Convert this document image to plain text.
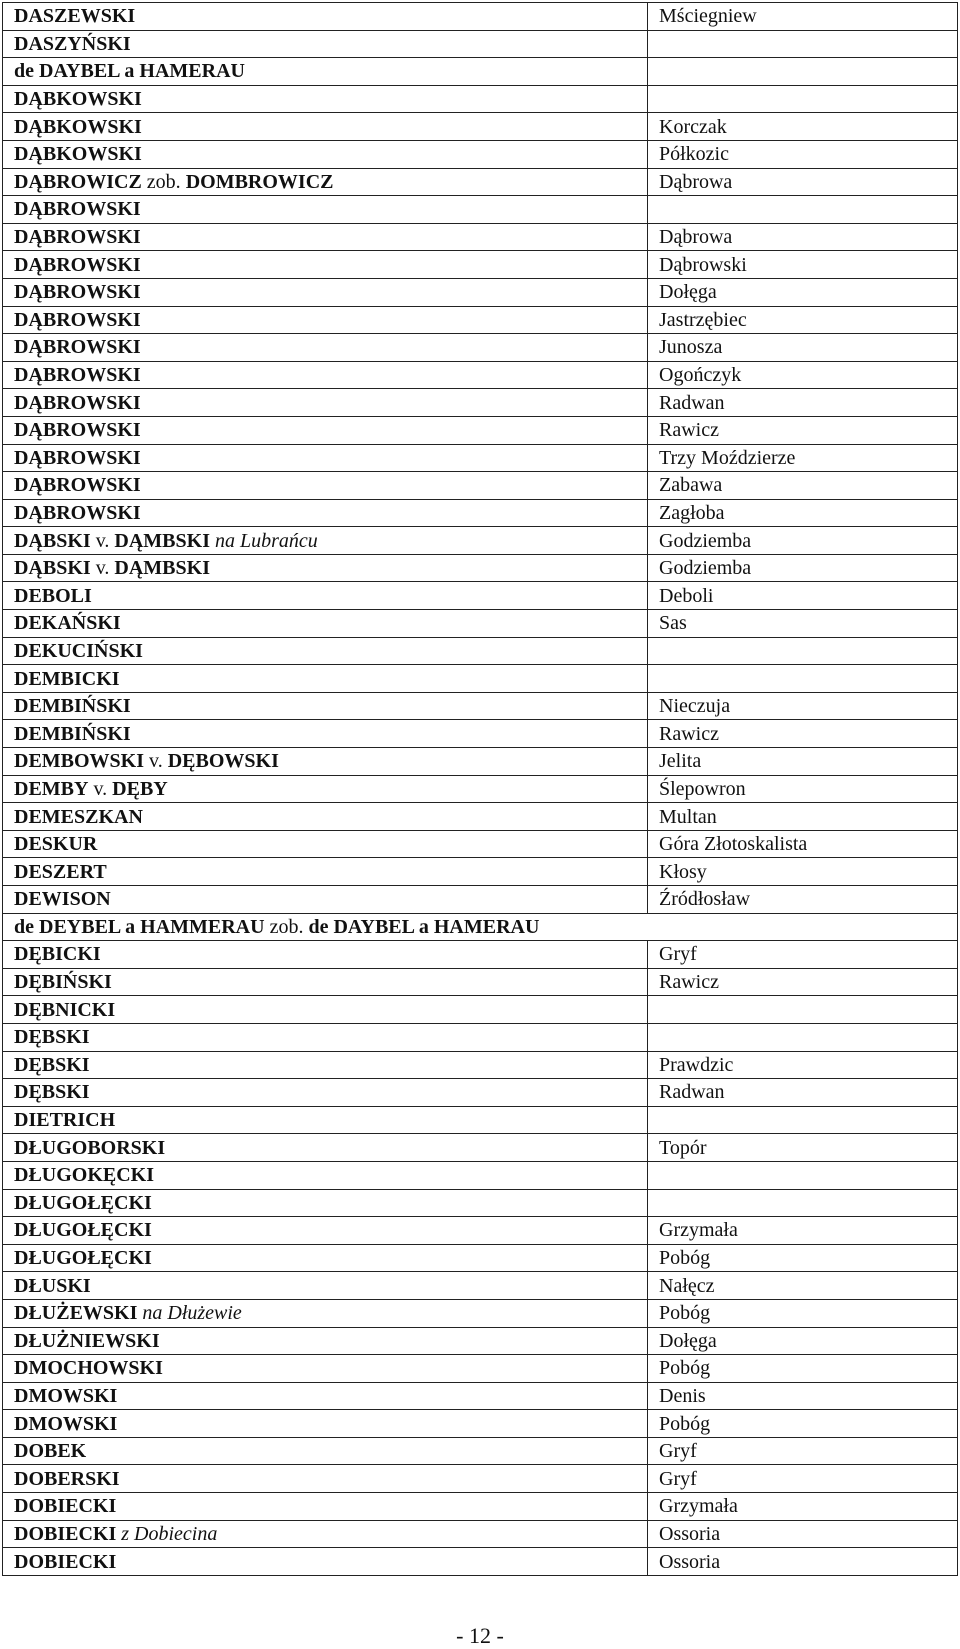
DASZEWSKI	Mściegniew
DASZYŃSKI	
de DAYBEL a HAMERAU	
DĄBKOWSKI	
DĄBKOWSKI	Korczak
DĄBKOWSKI	Półkozic
DĄBROWICZ zob. DOMBROWICZ	Dąbrowa
DĄBROWSKI	
DĄBROWSKI	Dąbrowa
DĄBROWSKI	Dąbrowski
DĄBROWSKI	Dołęga
DĄBROWSKI	Jastrzębiec
DĄBROWSKI	Junosza
DĄBROWSKI	Ogończyk
DĄBROWSKI	Radwan
DĄBROWSKI	Rawicz
DĄBROWSKI	Trzy Moździerze
DĄBROWSKI	Zabawa
DĄBROWSKI	Zagłoba
DĄBSKI v. DĄMBSKI na Lubrańcu	Godziemba
DĄBSKI v. DĄMBSKI	Godziemba
DEBOLI	Deboli
DEKAŃSKI	Sas
DEKUCIŃSKI	
DEMBICKI	
DEMBIŃSKI	Nieczuja
DEMBIŃSKI	Rawicz
DEMBOWSKI v. DĘBOWSKI	Jelita
DEMBY v. DĘBY	Ślepowron
DEMESZKAN	Multan
DESKUR	Góra Złotoskalista
DESZERT	Kłosy
DEWISON	Źródłosław
de DEYBEL a HAMMERAU zob. de DAYBEL a HAMERAU	
DĘBICKI	Gryf
DĘBIŃSKI	Rawicz
DĘBNICKI	
DĘBSKI	
DĘBSKI	Prawdzic
DĘBSKI	Radwan
DIETRICH	
DŁUGOBORSKI	Topór
DŁUGOKĘCKI	
DŁUGOŁĘCKI	
DŁUGOŁĘCKI	Grzymała
DŁUGOŁĘCKI	Pobóg
DŁUSKI	Nałęcz
DŁUŻEWSKI na Dłużewie	Pobóg
DŁUŻNIEWSKI	Dołęga
DMOCHOWSKI	Pobóg
DMOWSKI	Denis
DMOWSKI	Pobóg
DOBEK	Gryf
DOBERSKI	Gryf
DOBIECKI	Grzymała
DOBIECKI z Dobiecina	Ossoria
DOBIECKI	Ossoria
- 12 -
